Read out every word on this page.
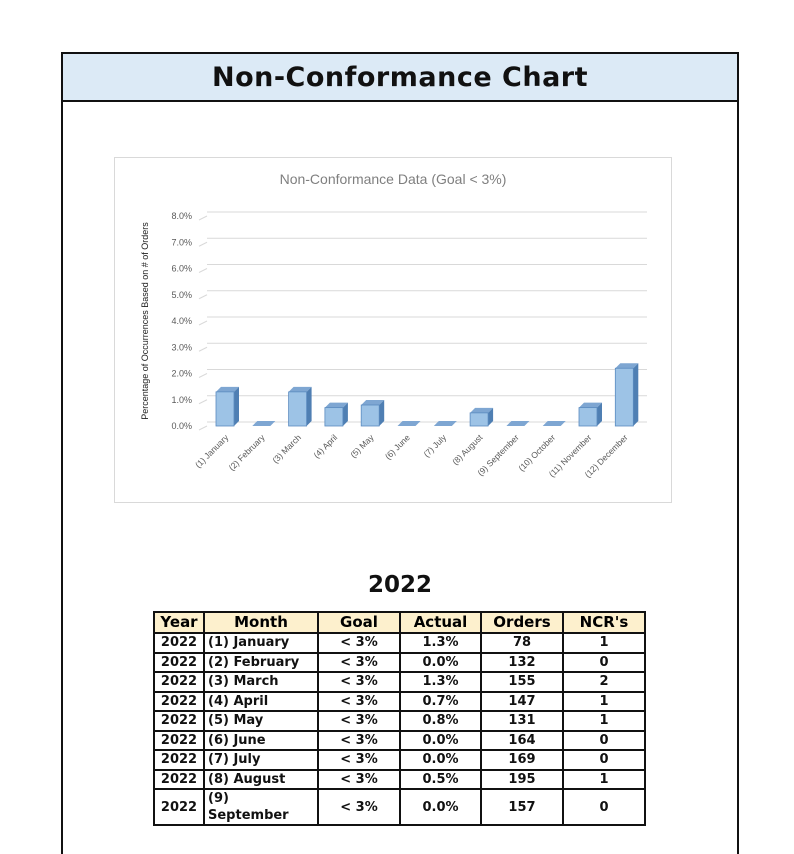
Non-Conformance Chart
Non-Conformance Data (Goal < 3%)
0.0%
1.0%
2.0%
3.0%
4.0%
5.0%
6.0%
7.0%
8.0%
Percentage of Occurrences Based on # of Orders
(1) January
(2) February (3) March (4) April (5) May (6) June (7) July (8) August
(9) September
(10) October
(11) November
(12) December
2022
Year	Month	Goal	Actual	Orders	NCR's
2022	(1) January	< 3%	1.3%	78	1
2022	(2) February	< 3%	0.0%	132	0
2022	(3) March	< 3%	1.3%	155	2
2022	(4) April	< 3%	0.7%	147	1
2022	(5) May	< 3%	0.8%	131	1
2022	(6) June	< 3%	0.0%	164	0
2022	(7) July	< 3%	0.0%	169	0
2022	(8) August	< 3%	0.5%	195	1
2022	(9) September	< 3%	0.0%	157	0
